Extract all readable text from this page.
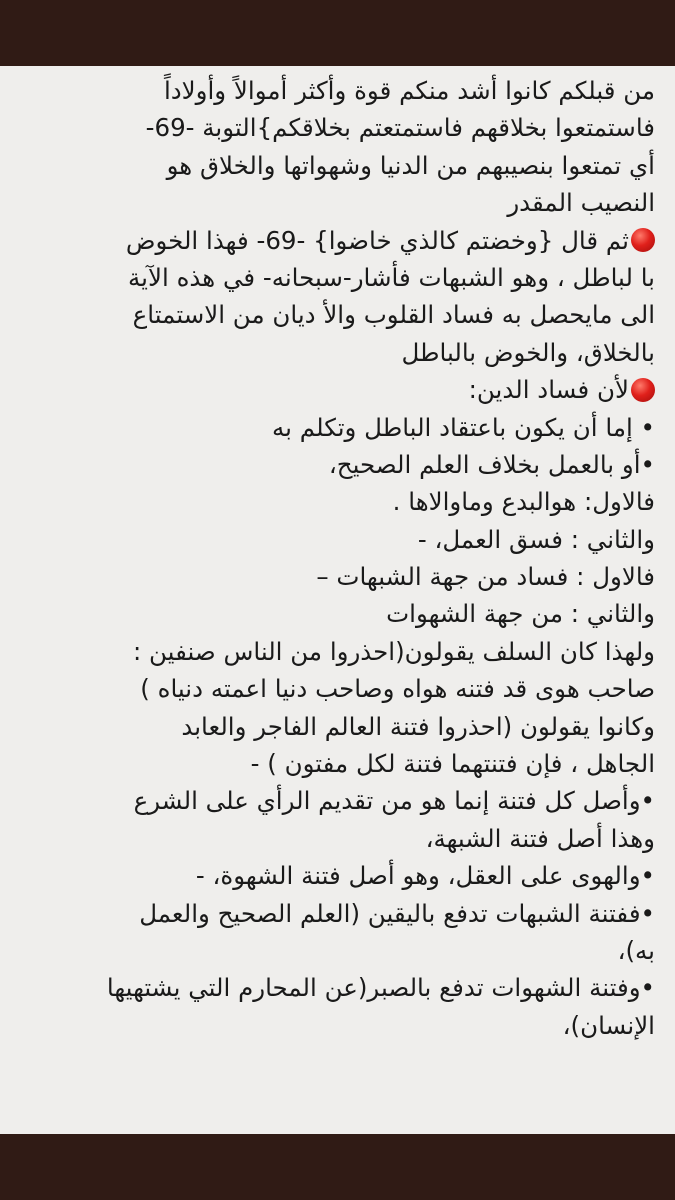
من قبلكم كانوا أشد منكم قوة وأكثر أموالاً وأولاداً
فاستمتعوا بخلاقهم فاستمتعتم بخلاقكم}التوبة -69-
أي تمتعوا بنصيبهم من الدنيا وشهواتها والخلاق هو
النصيب المقدر
ثم قال {وخضتم كالذي خاضوا} -69- فهذا الخوض
با لباطل ، وهو الشبهات فأشار-سبحانه- في هذه الآية
الى مايحصل به فساد القلوب والأ ديان من الاستمتاع
بالخلاق، والخوض بالباطل
لأن فساد الدين:
• إما أن يكون باعتقاد الباطل وتكلم به
•أو بالعمل بخلاف العلم الصحيح،
فالاول: هوالبدع وماوالاها .
والثاني : فسق العمل، -
فالاول : فساد من جهة الشبهات –
والثاني : من جهة الشهوات
ولهذا كان السلف يقولون(احذروا من الناس صنفين :
صاحب هوى قد فتنه هواه وصاحب دنيا اعمته دنياه )
وكانوا يقولون (احذروا فتنة العالم الفاجر والعابد
الجاهل ، فإن فتنتهما فتنة لكل مفتون ) -
•وأصل كل فتنة إنما هو من تقديم الرأي على الشرع
وهذا أصل فتنة الشبهة،
•والهوى على العقل، وهو أصل فتنة الشهوة، -
•ففتنة الشبهات تدفع باليقين (العلم الصحيح والعمل
به)،
•وفتنة الشهوات تدفع بالصبر(عن المحارم التي يشتهيها
الإنسان)،
